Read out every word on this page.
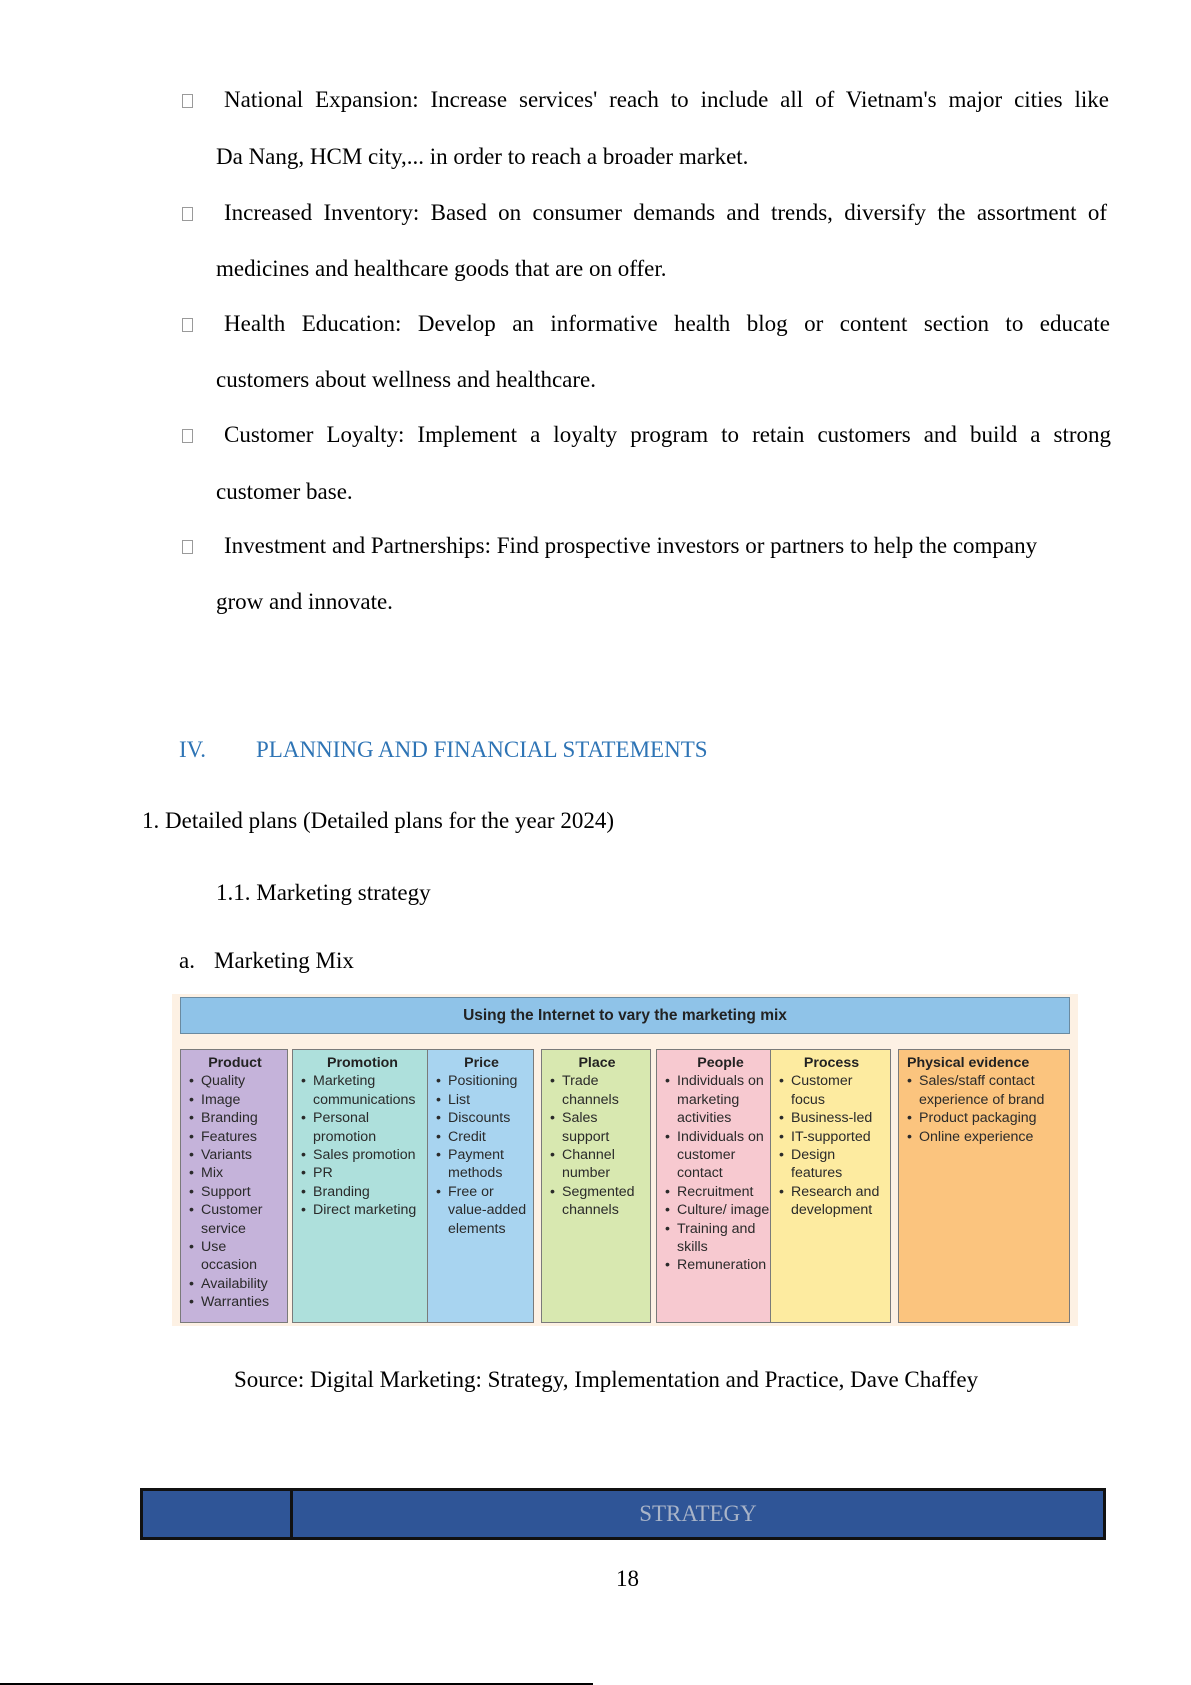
National Expansion: Increase services' reach to include all of Vietnam's major cities like
Da Nang, HCM city,... in order to reach a broader market.
Increased Inventory: Based on consumer demands and trends, diversify the assortment of
medicines and healthcare goods that are on offer.
Health Education: Develop an informative health blog or content section to educate
customers about wellness and healthcare.
Customer Loyalty: Implement a loyalty program to retain customers and build a strong
customer base.
Investment and Partnerships: Find prospective investors or partners to help the company
grow and innovate.
IV. PLANNING AND FINANCIAL STATEMENTS
1. Detailed plans (Detailed plans for the year 2024)
1.1. Marketing strategy
a. Marketing Mix
Using the Internet to vary the marketing mix
Product
• Quality
• Image
• Branding
• Features
• Variants
• Mix
• Support
• Customer service
• Use occasion
• Availability
• Warranties
Promotion
• Marketing communications
• Personal promotion
• Sales promotion
• PR
• Branding
• Direct marketing
Price
• Positioning
• List
• Discounts
• Credit
• Payment methods
• Free or value-added elements
Place
• Trade channels
• Sales support
• Channel number
• Segmented channels
People
• Individuals on marketing activities
• Individuals on customer contact
• Recruitment
• Culture/ image
• Training and skills
• Remuneration
Process
• Customer focus
• Business-led
• IT-supported
• Design features
• Research and development
Physical evidence
• Sales/staff contact experience of brand
• Product packaging
• Online experience
Source: Digital Marketing: Strategy, Implementation and Practice, Dave Chaffey
STRATEGY
18
